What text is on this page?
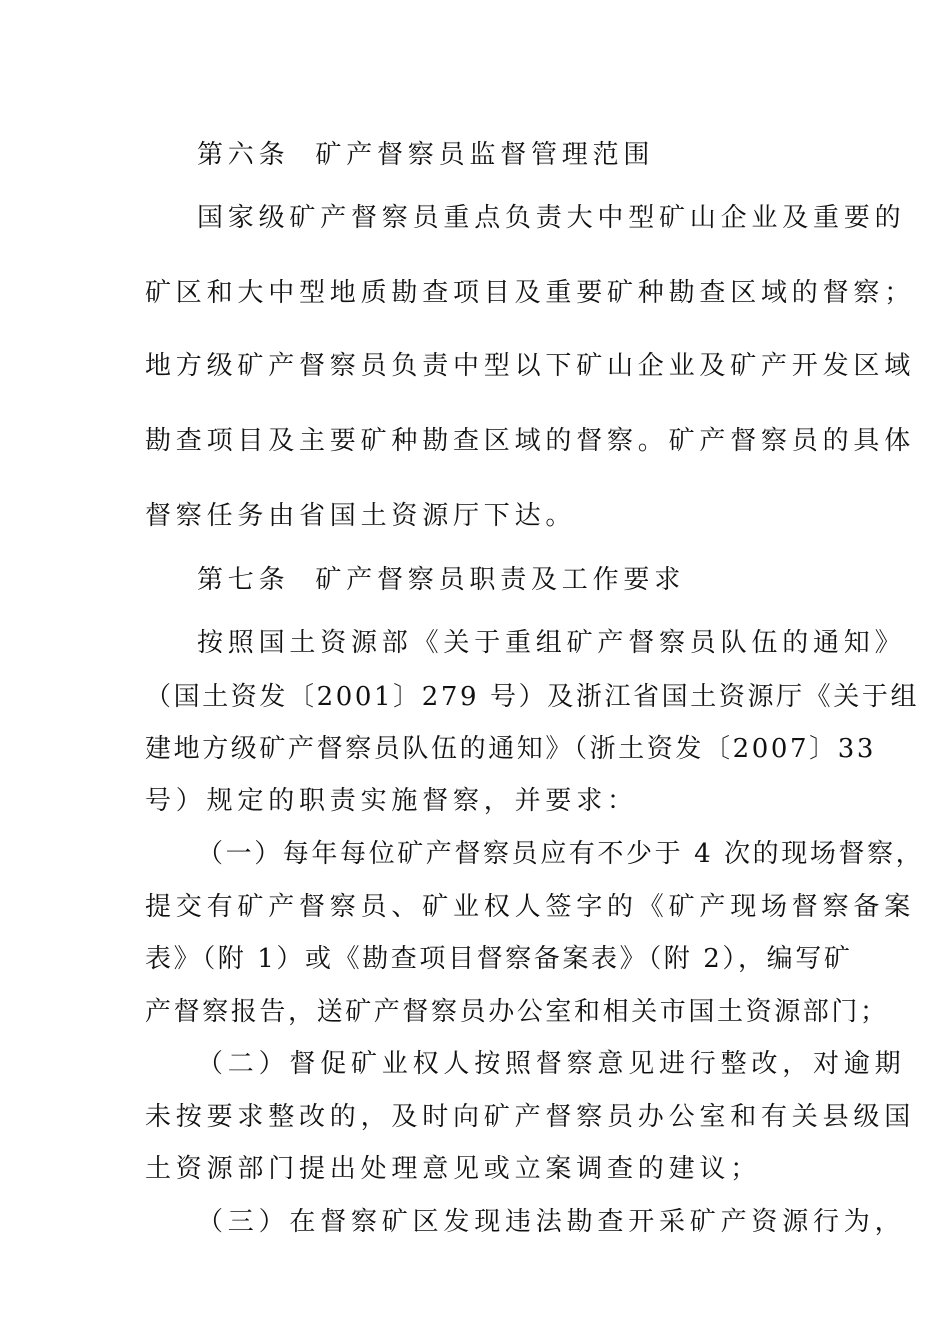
第六条 矿产督察员监督管理范围
国家级矿产督察员重点负责大中型矿山企业及重要的
矿区和大中型地质勘查项目及重要矿种勘查区域的督察；
地方级矿产督察员负责中型以下矿山企业及矿产开发区域
勘查项目及主要矿种勘查区域的督察。矿产督察员的具体
督察任务由省国土资源厅下达。
第七条 矿产督察员职责及工作要求
按照国土资源部《关于重组矿产督察员队伍的通知》
（国土资发〔2001〕279 号）及浙江省国土资源厅《关于组
建地方级矿产督察员队伍的通知》（浙土资发〔2007〕33
号）规定的职责实施督察，并要求：
（一）每年每位矿产督察员应有不少于 4 次的现场督察，
提交有矿产督察员、矿业权人签字的《矿产现场督察备案
表》（附 1）或《勘查项目督察备案表》（附 2），编写矿
产督察报告，送矿产督察员办公室和相关市国土资源部门；
（二）督促矿业权人按照督察意见进行整改，对逾期
未按要求整改的，及时向矿产督察员办公室和有关县级国
土资源部门提出处理意见或立案调查的建议；
（三）在督察矿区发现违法勘查开采矿产资源行为，
